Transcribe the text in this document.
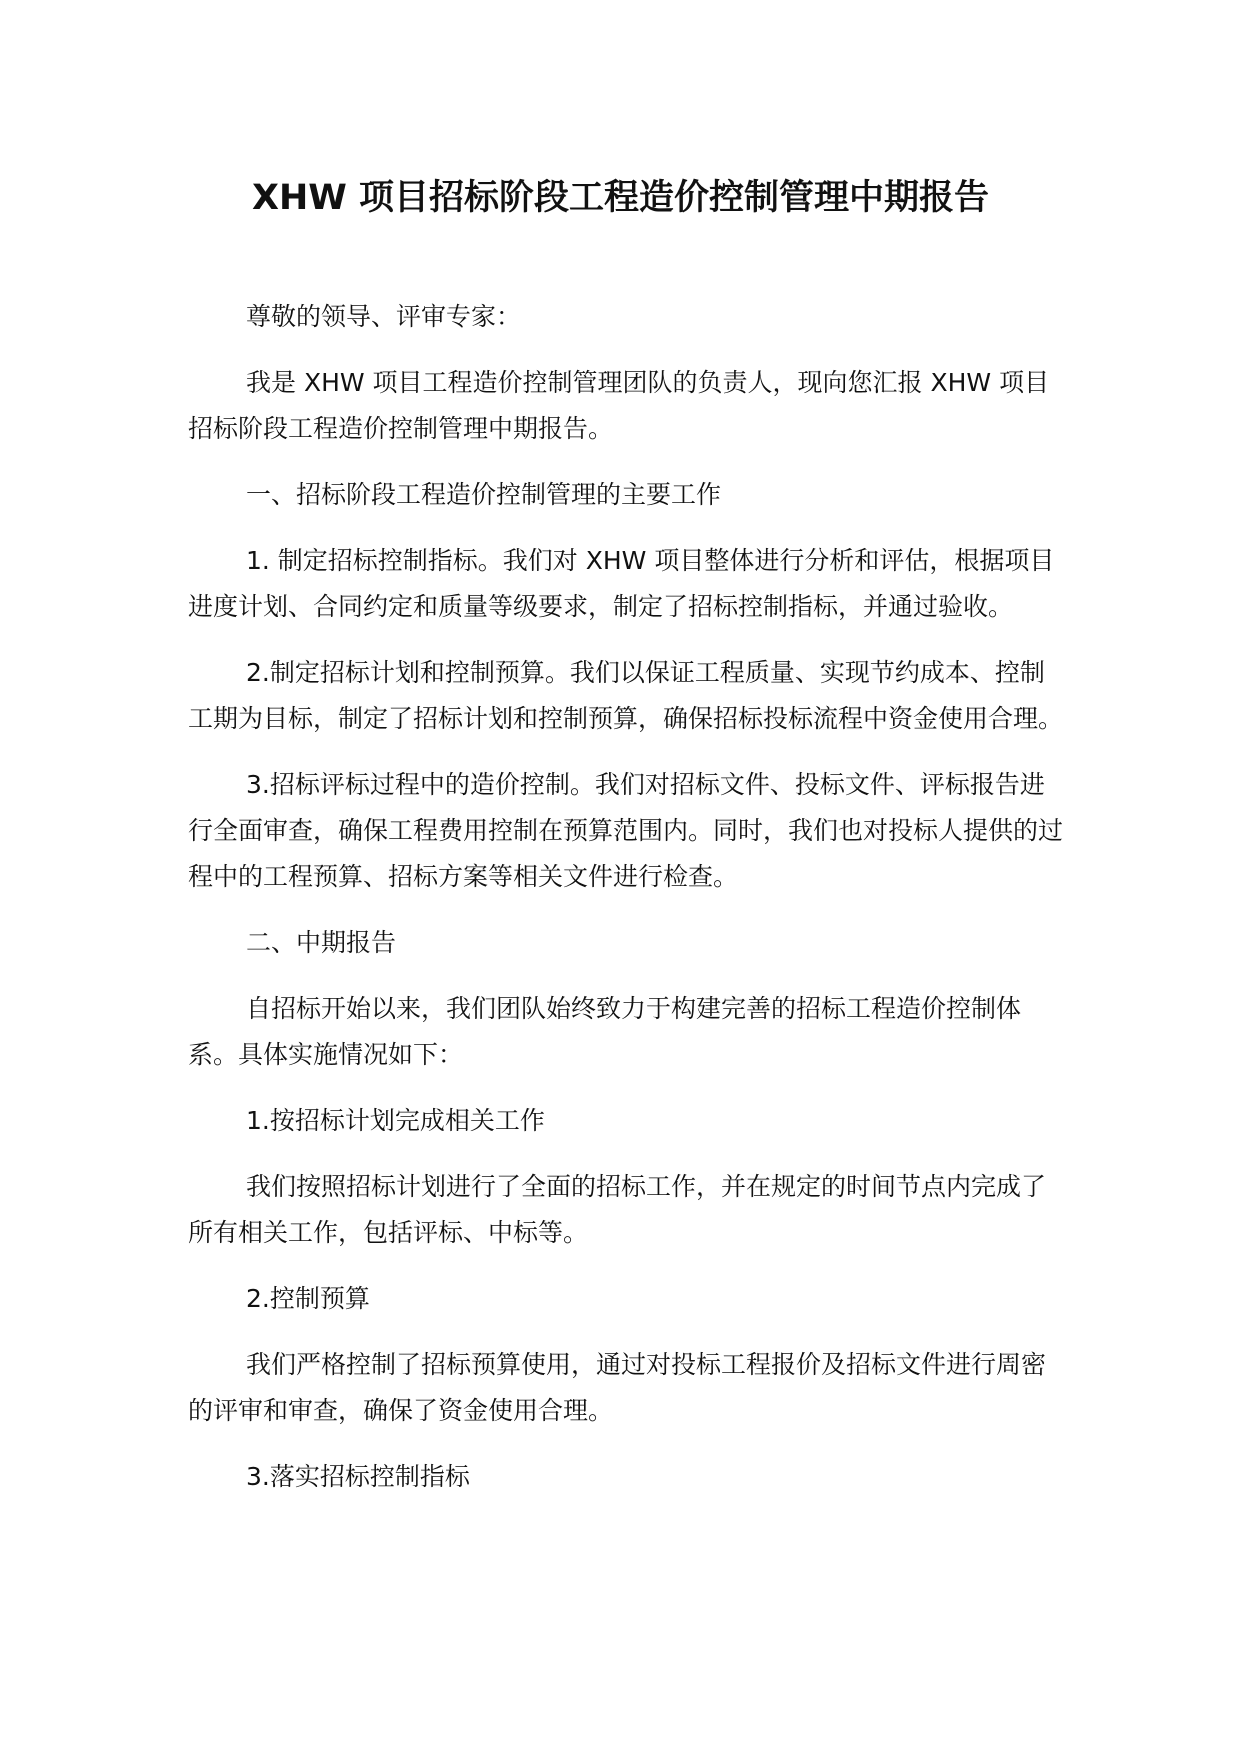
XHW 项目招标阶段工程造价控制管理中期报告

尊敬的领导、评审专家：

我是 XHW 项目工程造价控制管理团队的负责人，现向您汇报 XHW 项目招标阶段工程造价控制管理中期报告。

一、招标阶段工程造价控制管理的主要工作

1. 制定招标控制指标。我们对 XHW 项目整体进行分析和评估，根据项目进度计划、合同约定和质量等级要求，制定了招标控制指标，并通过验收。

2.制定招标计划和控制预算。我们以保证工程质量、实现节约成本、控制工期为目标，制定了招标计划和控制预算，确保招标投标流程中资金使用合理。

3.招标评标过程中的造价控制。我们对招标文件、投标文件、评标报告进行全面审查，确保工程费用控制在预算范围内。同时，我们也对投标人提供的过程中的工程预算、招标方案等相关文件进行检查。

二、中期报告

自招标开始以来，我们团队始终致力于构建完善的招标工程造价控制体系。具体实施情况如下：

1.按招标计划完成相关工作

我们按照招标计划进行了全面的招标工作，并在规定的时间节点内完成了所有相关工作，包括评标、中标等。

2.控制预算

我们严格控制了招标预算使用，通过对投标工程报价及招标文件进行周密的评审和审查，确保了资金使用合理。

3.落实招标控制指标
